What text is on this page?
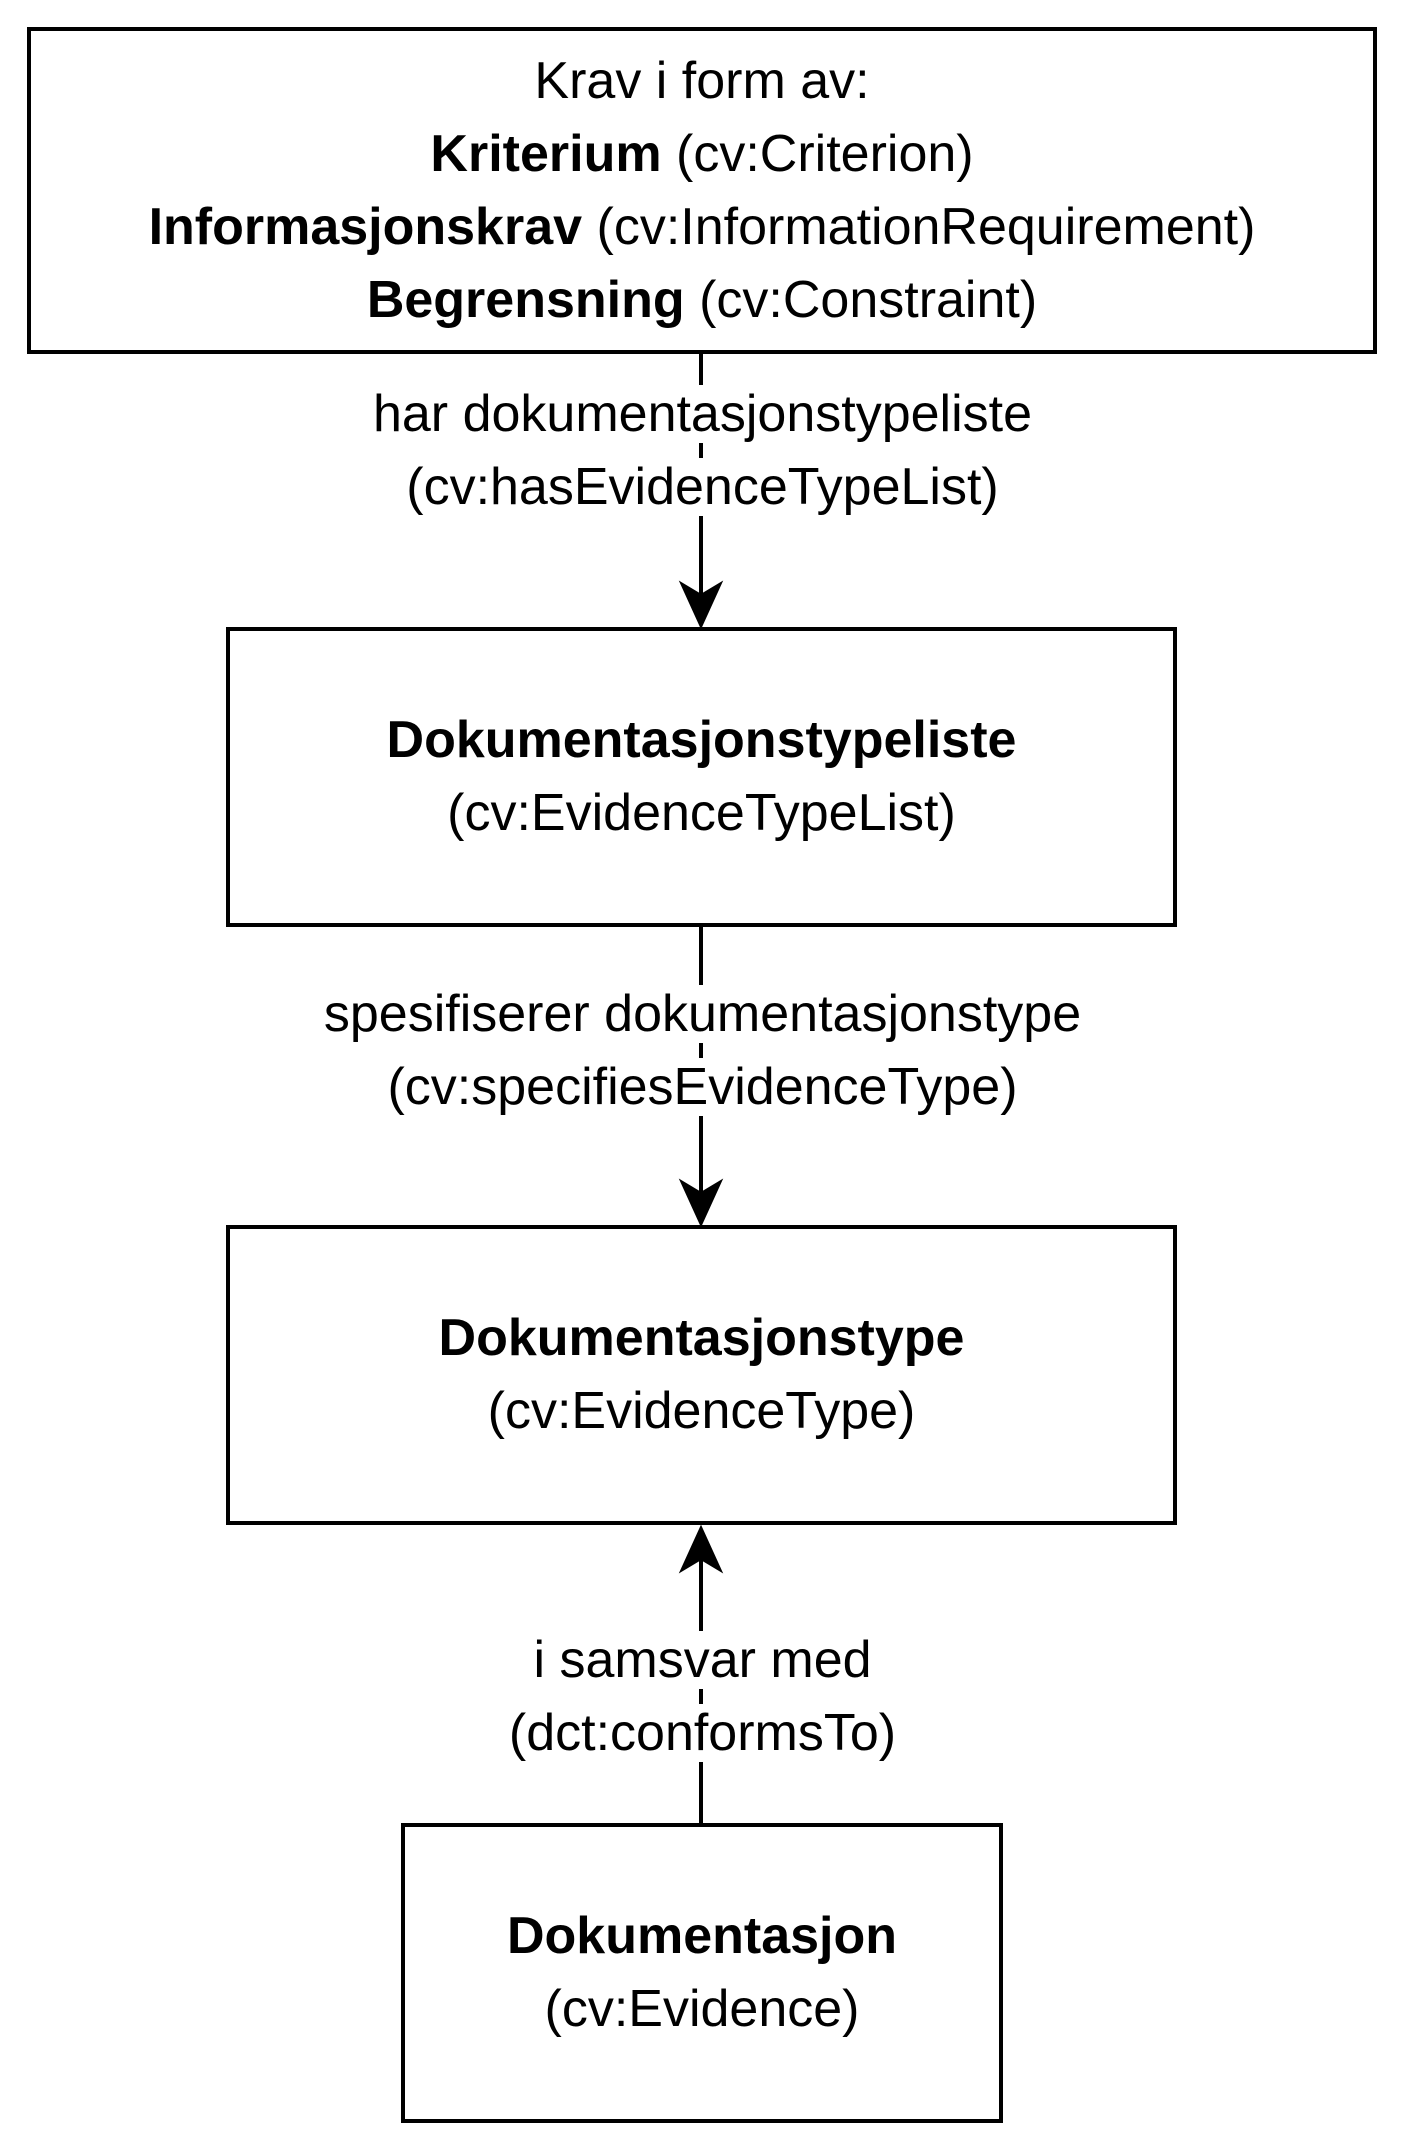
har dokumentasjonstypeliste
(cv:hasEvidenceTypeList)
spesifiserer dokumentasjonstype
(cv:specifiesEvidenceType)
i samsvar med
(dct:conformsTo)
Krav i form av:
Kriterium (cv:Criterion)
Informasjonskrav (cv:InformationRequirement)
Begrensning (cv:Constraint)
Dokumentasjonstypeliste
(cv:EvidenceTypeList)
Dokumentasjonstype
(cv:EvidenceType)
Dokumentasjon
(cv:Evidence)
